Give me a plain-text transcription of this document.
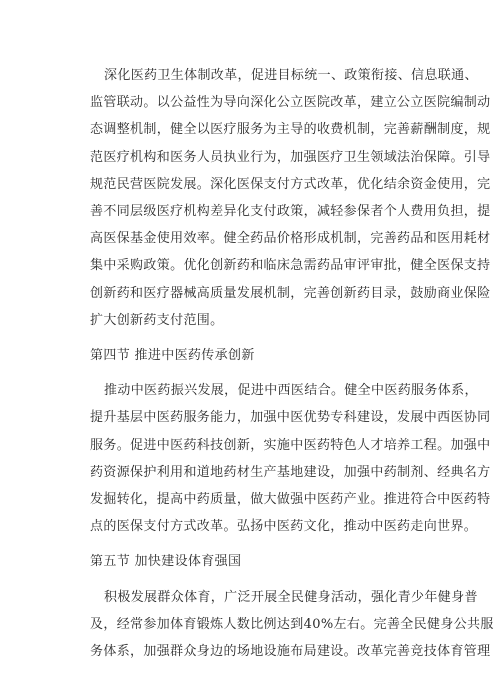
深化医药卫生体制改革，促进目标统一、政策衔接、信息联通、
监管联动。以公益性为导向深化公立医院改革，建立公立医院编制动
态调整机制，健全以医疗服务为主导的收费机制，完善薪酬制度，规
范医疗机构和医务人员执业行为，加强医疗卫生领域法治保障。引导
规范民营医院发展。深化医保支付方式改革，优化结余资金使用，完
善不同层级医疗机构差异化支付政策，减轻参保者个人费用负担，提
高医保基金使用效率。健全药品价格形成机制，完善药品和医用耗材
集中采购政策。优化创新药和临床急需药品审评审批，健全医保支持
创新药和医疗器械高质量发展机制，完善创新药目录，鼓励商业保险
扩大创新药支付范围。
第四节 推进中医药传承创新
推动中医药振兴发展，促进中西医结合。健全中医药服务体系，
提升基层中医药服务能力，加强中医优势专科建设，发展中西医协同
服务。促进中医药科技创新，实施中医药特色人才培养工程。加强中
药资源保护利用和道地药材生产基地建设，加强中药制剂、经典名方
发掘转化，提高中药质量，做大做强中医药产业。推进符合中医药特
点的医保支付方式改革。弘扬中医药文化，推动中医药走向世界。
第五节 加快建设体育强国
积极发展群众体育，广泛开展全民健身活动，强化青少年健身普
及，经常参加体育锻炼人数比例达到40%左右。完善全民健身公共服
务体系，加强群众身边的场地设施布局建设。改革完善竞技体育管理
